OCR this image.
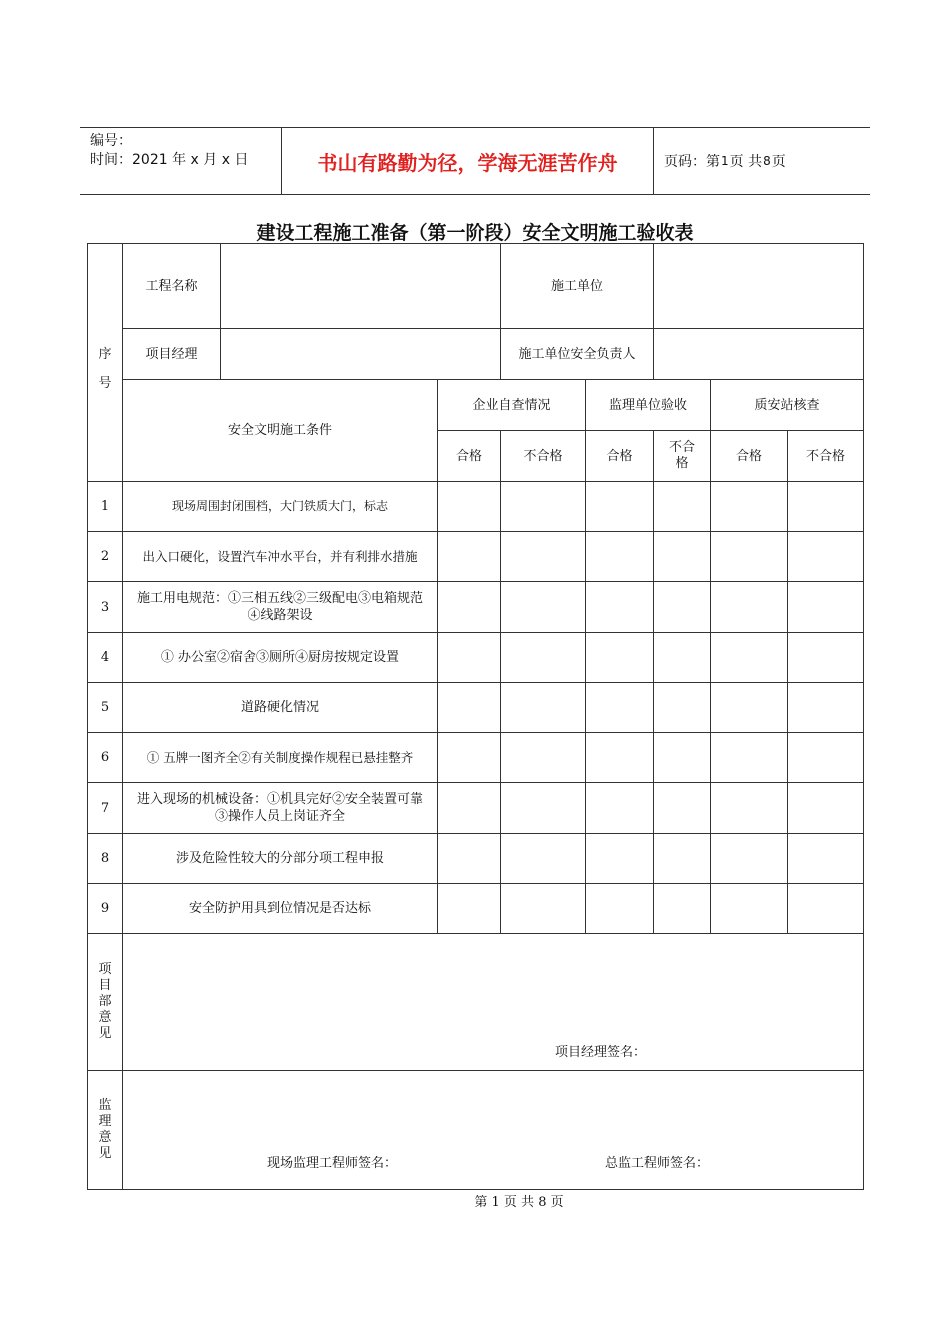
编号：
时间：2021 年 x 月 x 日	书山有路勤为径，学海无涯苦作舟	页码：第 1 页 共 8 页
建设工程施工准备（第一阶段）安全文明施工验收表
序
号	工程名称			施工单位				
	项目经理			施工单位安全负责人				
	安全文明施工条件		企业自查情况		监理单位验收		质安站核查	
			合格	不合格	合格	不合格	合格	不合格
1	现场周围封闭围档，大门铁质大门，标志							
2	出入口硬化，设置汽车冲水平台，并有利排水措施							
3	施工用电规范：①三相五线②三级配电③电箱规范④线路架设							
4	① 办公室②宿舍③厕所④厨房按规定设置							
5	道路硬化情况							
6	① 五牌一图齐全②有关制度操作规程已悬挂整齐							
7	进入现场的机械设备：①机具完好②安全装置可靠③操作人员上岗证齐全							
8	涉及危险性较大的分部分项工程申报							
9	安全防护用具到位情况是否达标							

项目部意见	项目经理签名：							

监理意见	现场监理工程师签名： 总监工程师签名：							
第 1 页 共 8 页
